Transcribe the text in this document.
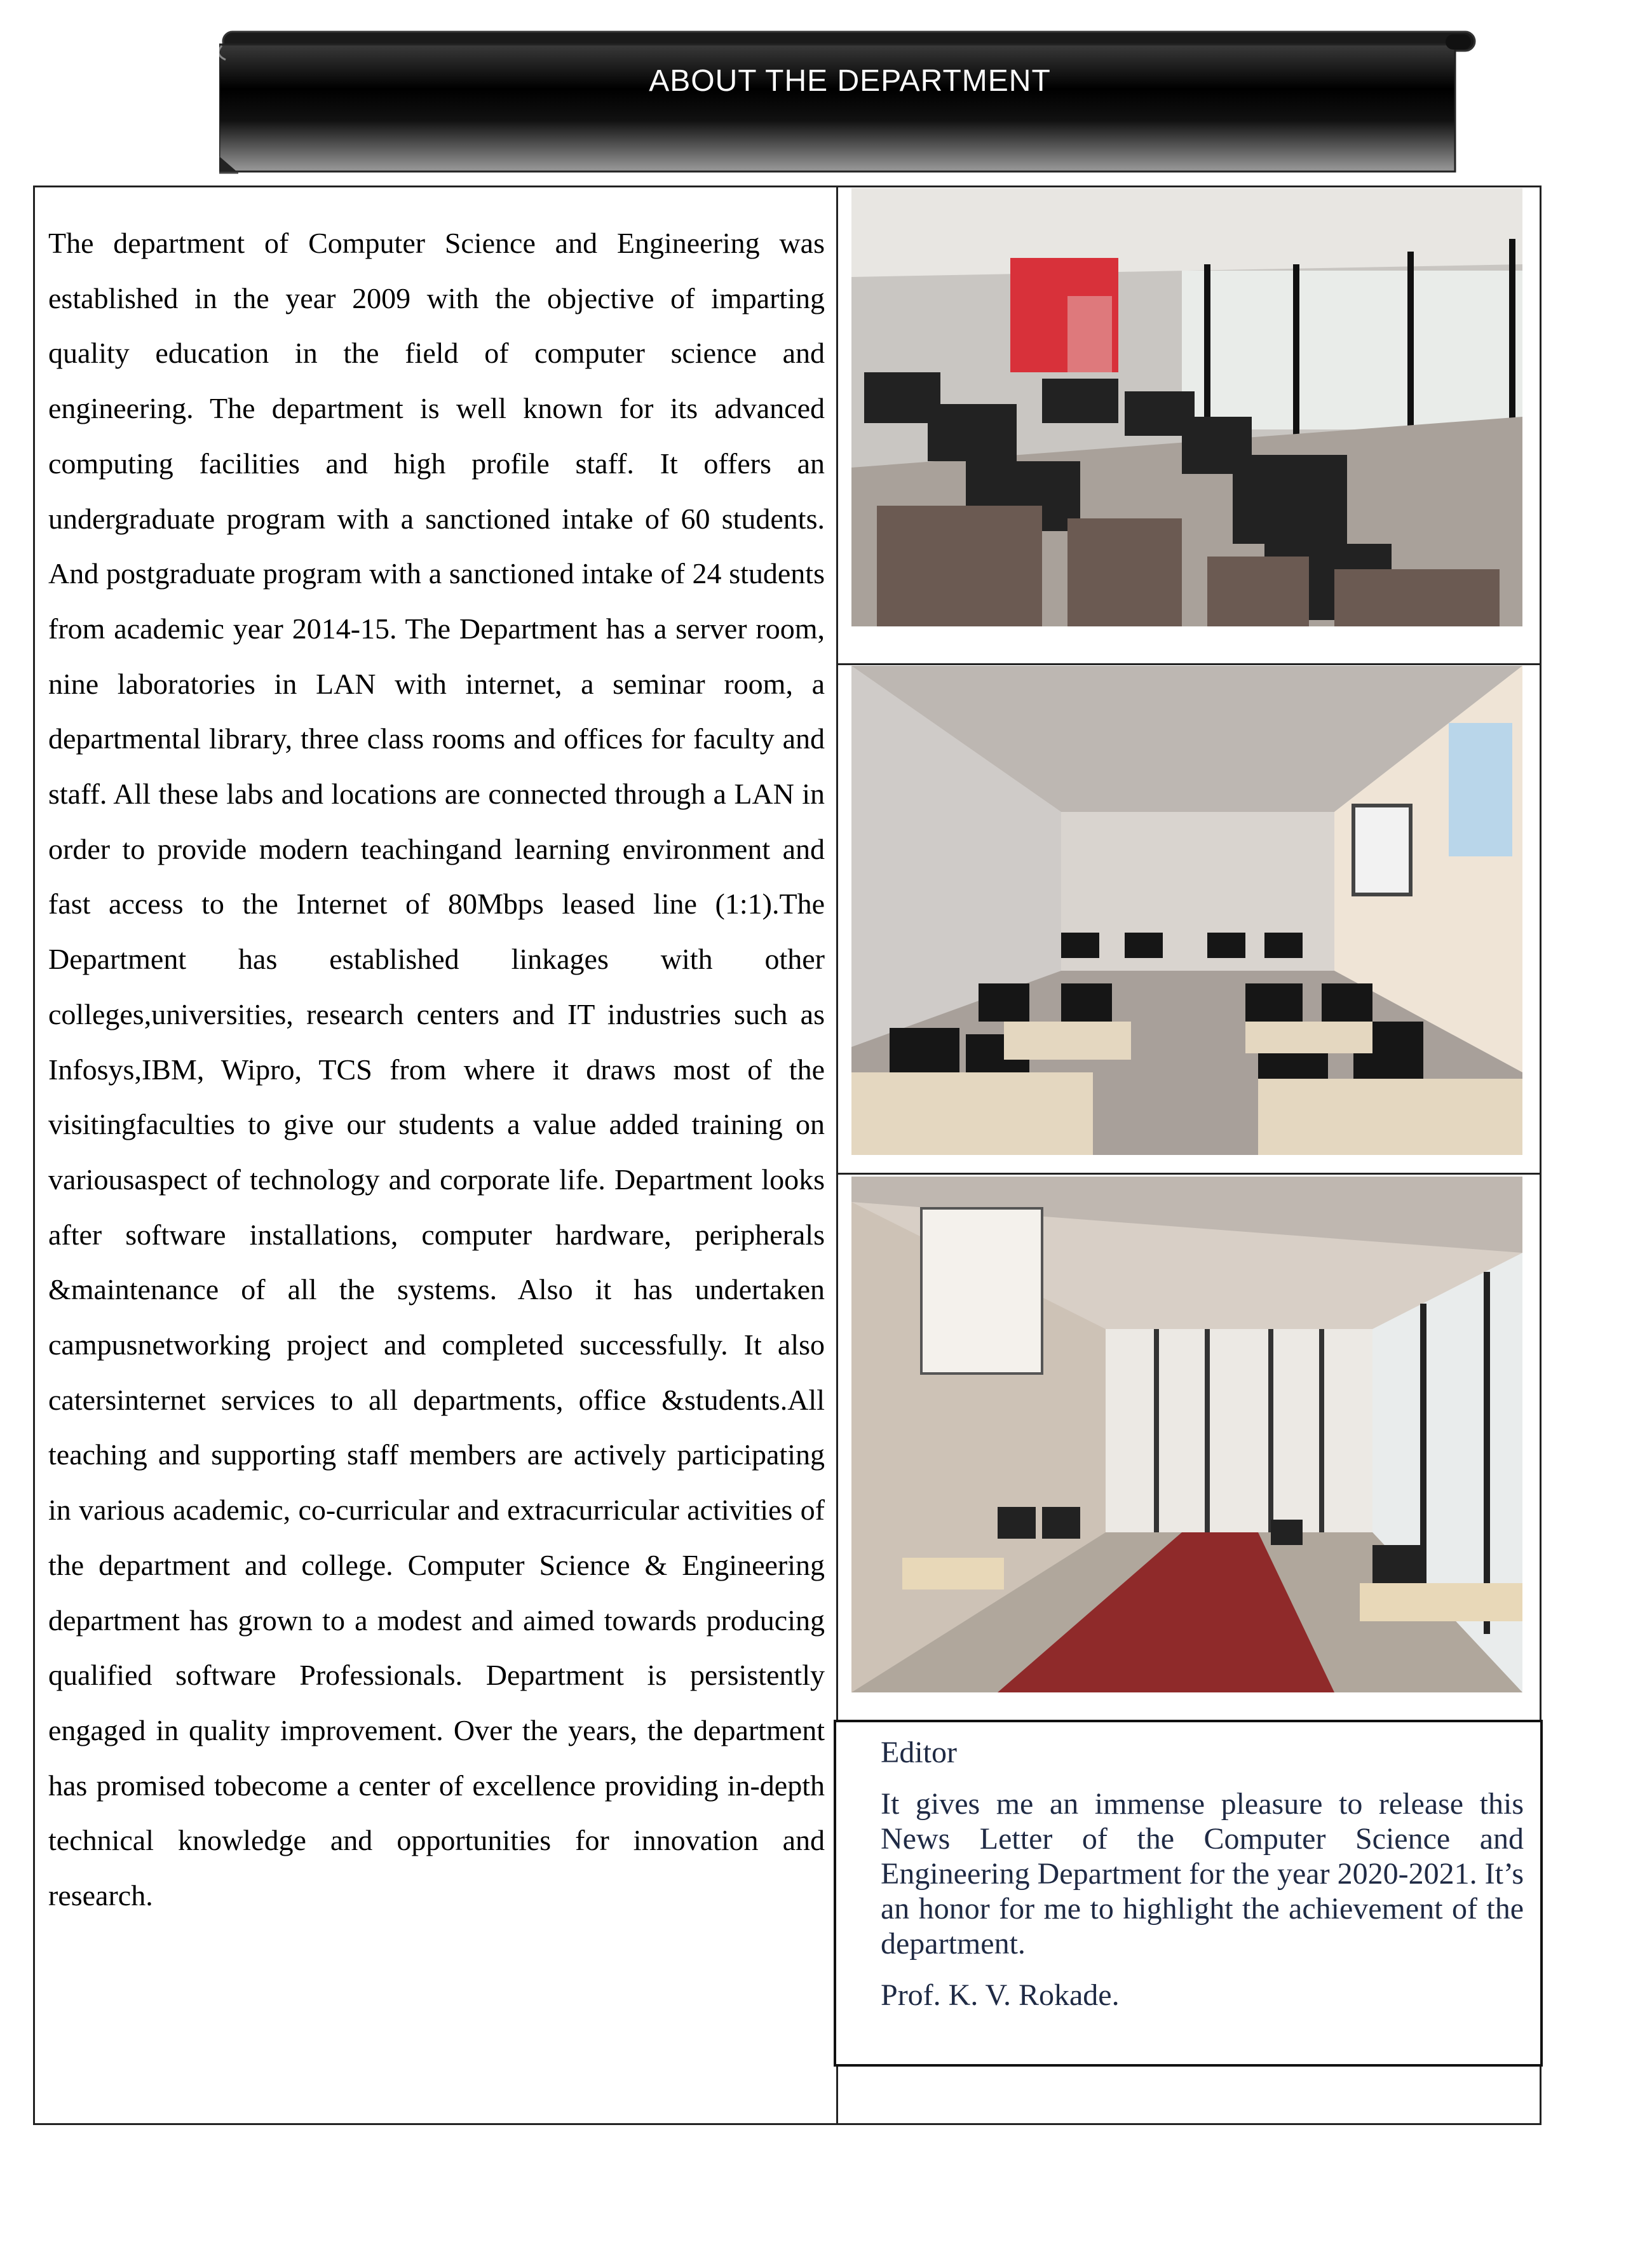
ABOUT THE DEPARTMENT

The department of Computer Science and Engineering was established in the year 2009 with the objective of imparting quality education in the field of computer science and engineering. The department is well known for its advanced computing facilities and high profile staff. It offers an undergraduate program with a sanctioned intake of 60 students. And postgraduate program with a sanctioned intake of 24 students from academic year 2014-15. The Department has a server room, nine laboratories in LAN with internet, a seminar room, a departmental library, three class rooms and offices for faculty and staff. All these labs and locations are connected through a LAN in order to provide modern teachingand learning environment and fast access to the Internet of 80Mbps leased line (1:1).The Department has established linkages with other colleges,universities, research centers and IT industries such as Infosys,IBM, Wipro, TCS from where it draws most of the visitingfaculties to give our students a value added training on variousaspect of technology and corporate life. Department looks after software installations, computer hardware, peripherals &maintenance of all the systems. Also it has undertaken campusnetworking project and completed successfully. It also catersinternet services to all departments, office &students.All teaching and supporting staff members are actively participating in various academic, co-curricular and extracurricular activities of the department and college. Computer Science & Engineering department has grown to a modest and aimed towards producing qualified software Professionals. Department is persistently engaged in quality improvement. Over the years, the department has promised tobecome a center of excellence providing in-depth technical knowledge and opportunities for innovation and research.

Editor
It gives me an immense pleasure to release this News Letter of the Computer Science and Engineering Department for the year 2020-2021. It’s an honor for me to highlight the achievement of the department.
Prof. K. V. Rokade.
